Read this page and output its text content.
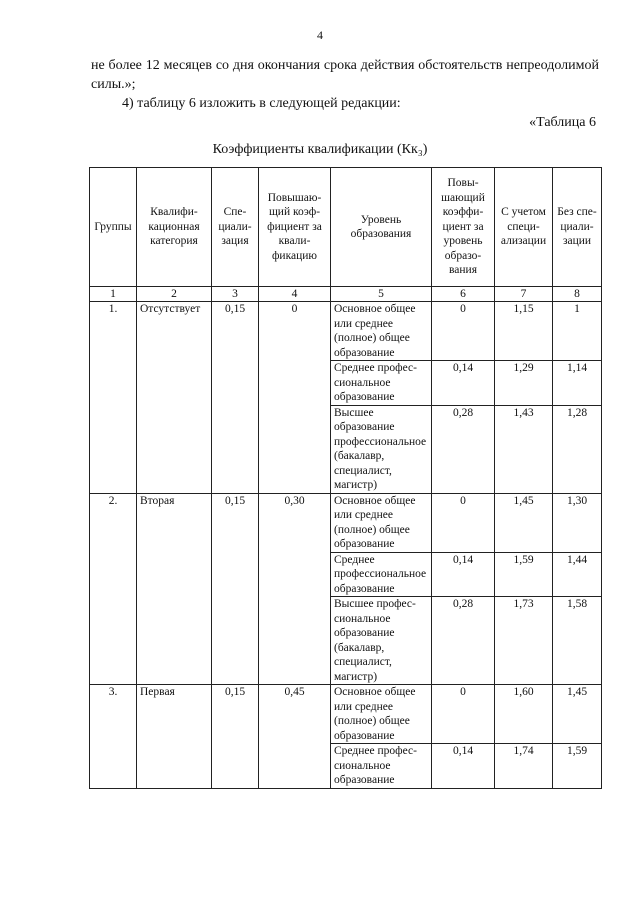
4
не более 12 месяцев со дня окончания срока действия обстоятельств непреодолимой силы.»;
4) таблицу 6 изложить в следующей редакции:
«Таблица 6
Коэффициенты квалификации (Кк₃)
Группы	Квалификационная категория	Специализация	Повышающий коэффициент за квалификацию	Уровень образования	Повышающий коэффициент за уровень образования	С учетом специализации	Без специализации
1	2	3	4	5	6	7	8
1.	Отсутствует	0,15	0	Основное общее или среднее (полное) общее образование	0	1,15	1
				Среднее профессиональное образование	0,14	1,29	1,14
				Высшее образование профессиональное (бакалавр, специалист, магистр)	0,28	1,43	1,28
2.	Вторая	0,15	0,30	Основное общее или среднее (полное) общее образование	0	1,45	1,30
				Среднее профессиональное образование	0,14	1,59	1,44
				Высшее профессиональное образование (бакалавр, специалист, магистр)	0,28	1,73	1,58
3.	Первая	0,15	0,45	Основное общее или среднее (полное) общее образование	0	1,60	1,45
				Среднее профессиональное образование	0,14	1,74	1,59
